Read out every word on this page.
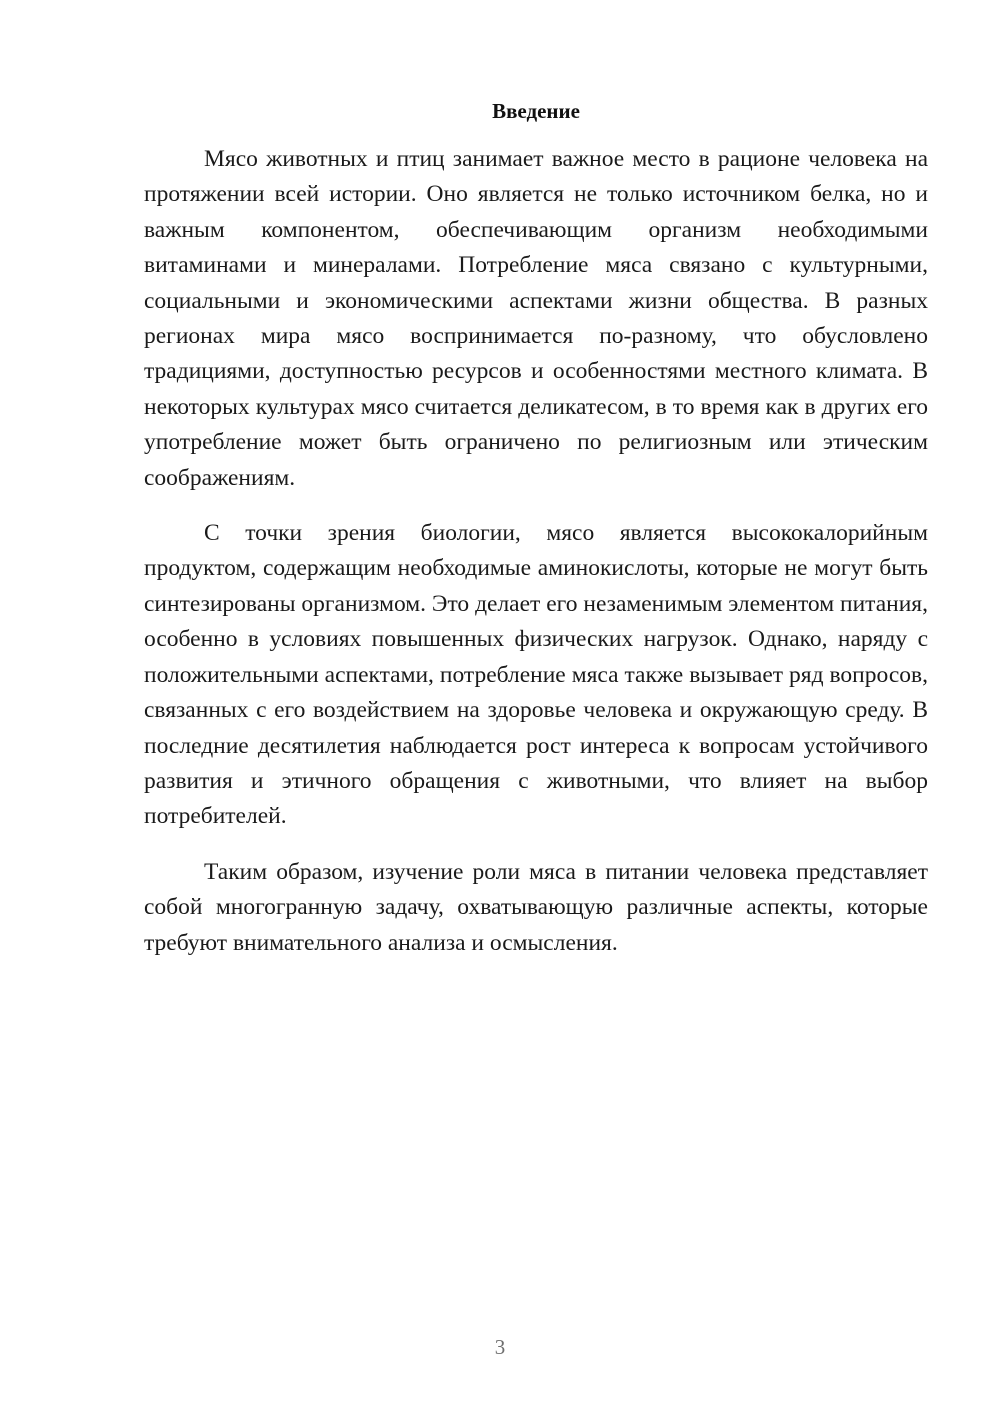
Введение

Мясо животных и птиц занимает важное место в рационе человека на протяжении всей истории. Оно является не только источником белка, но и важным компонентом, обеспечивающим организм необходимыми витаминами и минералами. Потребление мяса связано с культурными, социальными и экономическими аспектами жизни общества. В разных регионах мира мясо воспринимается по-разному, что обусловлено традициями, доступностью ресурсов и особенностями местного климата. В некоторых культурах мясо считается деликатесом, в то время как в других его употребление может быть ограничено по религиозным или этическим соображениям.

С точки зрения биологии, мясо является высококалорийным продуктом, содержащим необходимые аминокислоты, которые не могут быть синтезированы организмом. Это делает его незаменимым элементом питания, особенно в условиях повышенных физических нагрузок. Однако, наряду с положительными аспектами, потребление мяса также вызывает ряд вопросов, связанных с его воздействием на здоровье человека и окружающую среду. В последние десятилетия наблюдается рост интереса к вопросам устойчивого развития и этичного обращения с животными, что влияет на выбор потребителей.

Таким образом, изучение роли мяса в питании человека представляет собой многогранную задачу, охватывающую различные аспекты, которые требуют внимательного анализа и осмысления.

3
